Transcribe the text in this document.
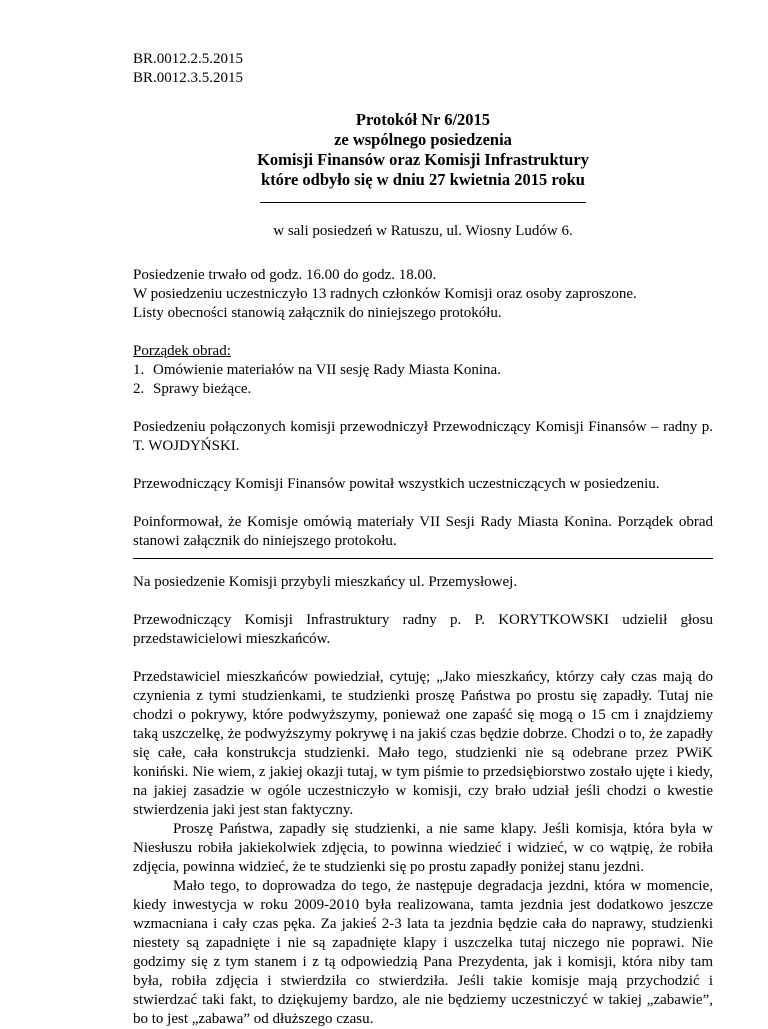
BR.0012.2.5.2015
BR.0012.3.5.2015
Protokół Nr 6/2015
ze wspólnego posiedzenia
Komisji Finansów oraz Komisji Infrastruktury
które odbyło się w dniu 27 kwietnia 2015 roku
w sali posiedzeń w Ratuszu, ul. Wiosny Ludów 6.
Posiedzenie trwało od godz. 16.00 do godz. 18.00.
W posiedzeniu uczestniczyło 13 radnych członków Komisji oraz osoby zaproszone.
Listy obecności stanowią załącznik do niniejszego protokółu.
Porządek obrad:
1. Omówienie materiałów na VII sesję Rady Miasta Konina.
2. Sprawy bieżące.

Posiedzeniu połączonych komisji przewodniczył Przewodniczący Komisji Finansów – radny p. T. WOJDYŃSKI.

Przewodniczący Komisji Finansów powitał wszystkich uczestniczących w posiedzeniu.

Poinformował, że Komisje omówią materiały VII Sesji Rady Miasta Konina. Porządek obrad stanowi załącznik do niniejszego protokołu.

Na posiedzenie Komisji przybyli mieszkańcy ul. Przemysłowej.

Przewodniczący Komisji Infrastruktury radny p. P. KORYTKOWSKI udzielił głosu przedstawicielowi mieszkańców.

Przedstawiciel mieszkańców powiedział, cytuję; „Jako mieszkańcy, którzy cały czas mają do czynienia z tymi studzienkami, te studzienki proszę Państwa po prostu się zapadły. Tutaj nie chodzi o pokrywy, które podwyższymy, ponieważ one zapaść się mogą o 15 cm i znajdziemy taką uszczelkę, że podwyższymy pokrywę i na jakiś czas będzie dobrze. Chodzi o to, że zapadły się całe, cała konstrukcja studzienki. Mało tego, studzienki nie są odebrane przez PWiK koniński. Nie wiem, z jakiej okazji tutaj, w tym piśmie to przedsiębiorstwo zostało ujęte i kiedy, na jakiej zasadzie w ogóle uczestniczyło w komisji, czy brało udział jeśli chodzi o kwestie stwierdzenia jaki jest stan faktyczny.

Proszę Państwa, zapadły się studzienki, a nie same klapy. Jeśli komisja, która była w Niesłuszu robiła jakiekolwiek zdjęcia, to powinna wiedzieć i widzieć, w co wątpię, że robiła zdjęcia, powinna widzieć, że te studzienki się po prostu zapadły poniżej stanu jezdni.

Mało tego, to doprowadza do tego, że następuje degradacja jezdni, która w momencie, kiedy inwestycja w roku 2009-2010 była realizowana, tamta jezdnia jest dodatkowo jeszcze wzmacniana i cały czas pęka. Za jakieś 2-3 lata ta jezdnia będzie cała do naprawy, studzienki niestety są zapadnięte i nie są zapadnięte klapy i uszczelka tutaj niczego nie poprawi. Nie godzimy się z tym stanem i z tą odpowiedzią Pana Prezydenta, jak i komisji, która niby tam była, robiła zdjęcia i stwierdziła co stwierdziła. Jeśli takie komisje mają przychodzić i stwierdzać taki fakt, to dziękujemy bardzo, ale nie będziemy uczestniczyć w takiej „zabawie”, bo to jest „zabawa” od dłuższego czasu.
